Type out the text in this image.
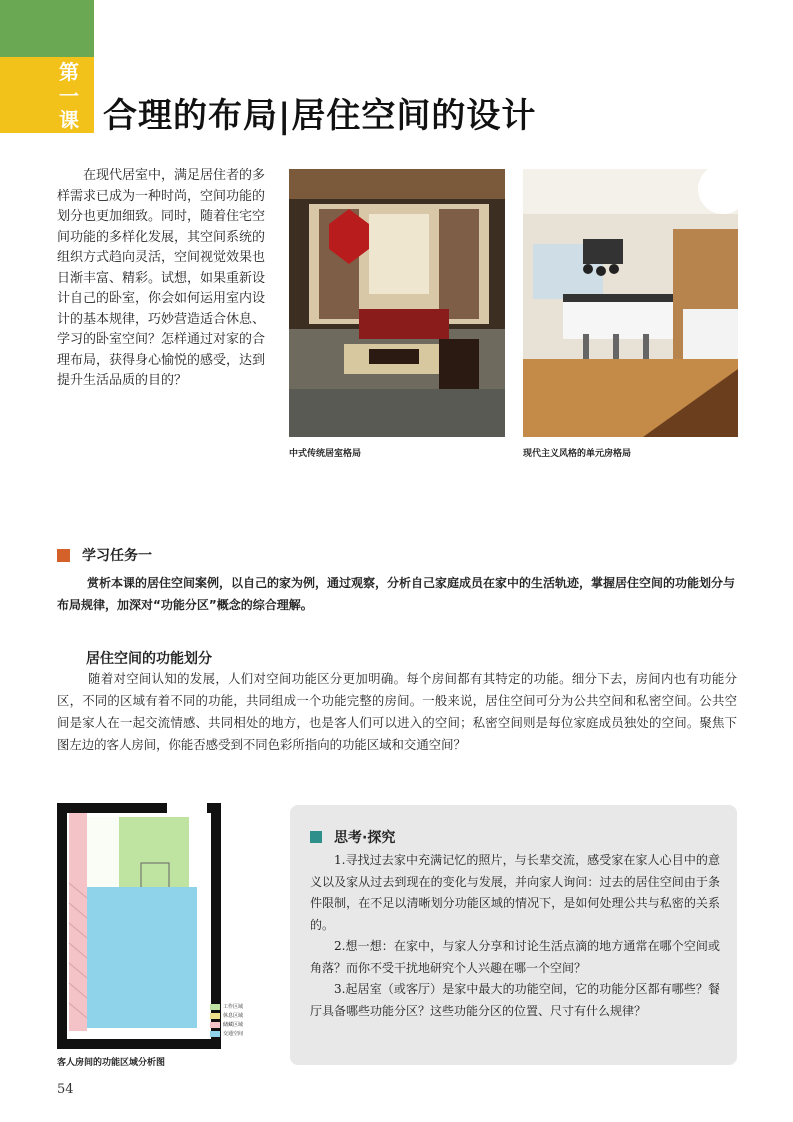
第
一
课 合理的布局|居住空间的设计

在现代居室中，满足居住者的多样需求已成为一种时尚，空间功能的划分也更加细致。同时，随着住宅空间功能的多样化发展，其空间系统的组织方式趋向灵活，空间视觉效果也日渐丰富、精彩。试想，如果重新设计自己的卧室，你会如何运用室内设计的基本规律，巧妙营造适合休息、学习的卧室空间？怎样通过对家的合理布局，获得身心愉悦的感受，达到提升生活品质的目的？

中式传统居室格局	现代主义风格的单元房格局
学习任务一

赏析本课的居住空间案例，以自己的家为例，通过观察，分析自己家庭成员在家中的生活轨迹，掌握居住空间的功能划分与布局规律，加深对“功能分区”概念的综合理解。

居住空间的功能划分

随着对空间认知的发展，人们对空间功能区分更加明确。每个房间都有其特定的功能。细分下去，房间内也有功能分区，不同的区域有着不同的功能，共同组成一个功能完整的房间。一般来说，居住空间可分为公共空间和私密空间。公共空间是家人在一起交流情感、共同相处的地方，也是客人们可以进入的空间；私密空间则是每位家庭成员独处的空间。聚焦下图左边的客人房间，你能否感受到不同色彩所指向的功能区域和交通空间？

工作区域
休息区域
储藏区域
交通空间
客人房间的功能区域分析图
思考·探究

1.寻找过去家中充满记忆的照片，与长辈交流，感受家在家人心目中的意义以及家从过去到现在的变化与发展，并向家人询问：过去的居住空间由于条件限制，在不足以清晰划分功能区域的情况下，是如何处理公共与私密的关系的。

2.想一想：在家中，与家人分享和讨论生活点滴的地方通常在哪个空间或角落？而你不受干扰地研究个人兴趣在哪一个空间？

3.起居室（或客厅）是家中最大的功能空间，它的功能分区都有哪些？餐厅具备哪些功能分区？这些功能分区的位置、尺寸有什么规律？

54
